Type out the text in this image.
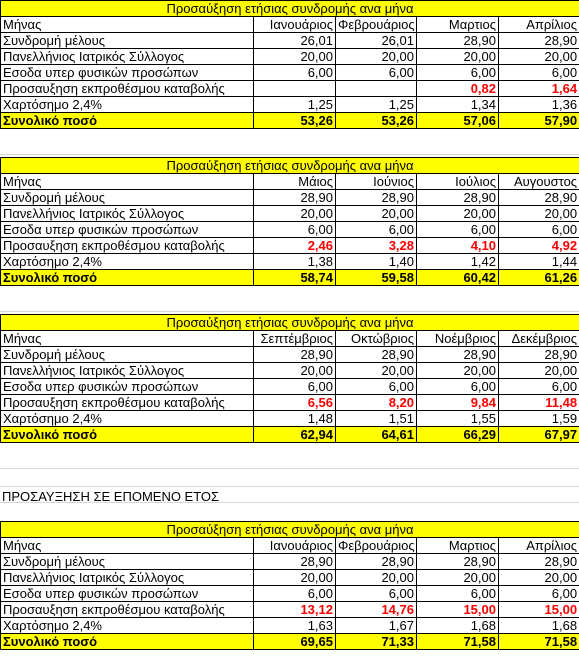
Προσαύξηση ετήσιας συνδρομής ανα μήνα				
Μήνας	Ιανουάριος	Φεβρουάριος	Μαρτιος	Απρίλιος
Συνδρομή μέλους	26,01	26,01	28,90	28,90
Πανελλήνιος Ιατρικός Σύλλογος	20,00	20,00	20,00	20,00
Εσοδα υπερ φυσικών προσώπων	6,00	6,00	6,00	6,00
Προσαυξηση εκπροθέσμου καταβολής			0,82	1,64
Χαρτόσημο 2,4%	1,25	1,25	1,34	1,36
Συνολικό ποσό	53,26	53,26	57,06	57,90
Προσαύξηση ετήσιας συνδρομής ανα μήνα				
Μήνας	Μάιος	Ιούνιος	Ιούλιος	Αυγουστος
Συνδρομή μέλους	28,90	28,90	28,90	28,90
Πανελλήνιος Ιατρικός Σύλλογος	20,00	20,00	20,00	20,00
Εσοδα υπερ φυσικών προσώπων	6,00	6,00	6,00	6,00
Προσαυξηση εκπροθέσμου καταβολής	2,46	3,28	4,10	4,92
Χαρτόσημο 2,4%	1,38	1,40	1,42	1,44
Συνολικό ποσό	58,74	59,58	60,42	61,26
Προσαύξηση ετήσιας συνδρομής ανα μήνα				
Μήνας	Σεπτέμβριος	Οκτώβριος	Νοέμβριος	Δεκέμβριος
Συνδρομή μέλους	28,90	28,90	28,90	28,90
Πανελλήνιος Ιατρικός Σύλλογος	20,00	20,00	20,00	20,00
Εσοδα υπερ φυσικών προσώπων	6,00	6,00	6,00	6,00
Προσαυξηση εκπροθέσμου καταβολής	6,56	8,20	9,84	11,48
Χαρτόσημο 2,4%	1,48	1,51	1,55	1,59
Συνολικό ποσό	62,94	64,61	66,29	67,97
ΠΡΟΣΑΥΞΗΣΗ ΣΕ ΕΠΟΜΕΝΟ ΕΤΟΣ
Προσαύξηση ετήσιας συνδρομής ανα μήνα				
Μήνας	Ιανουάριος	Φεβρουάριος	Μαρτιος	Απρίλιος
Συνδρομή μέλους	28,90	28,90	28,90	28,90
Πανελλήνιος Ιατρικός Σύλλογος	20,00	20,00	20,00	20,00
Εσοδα υπερ φυσικών προσώπων	6,00	6,00	6,00	6,00
Προσαυξηση εκπροθέσμου καταβολής	13,12	14,76	15,00	15,00
Χαρτόσημο 2,4%	1,63	1,67	1,68	1,68
Συνολικό ποσό	69,65	71,33	71,58	71,58
